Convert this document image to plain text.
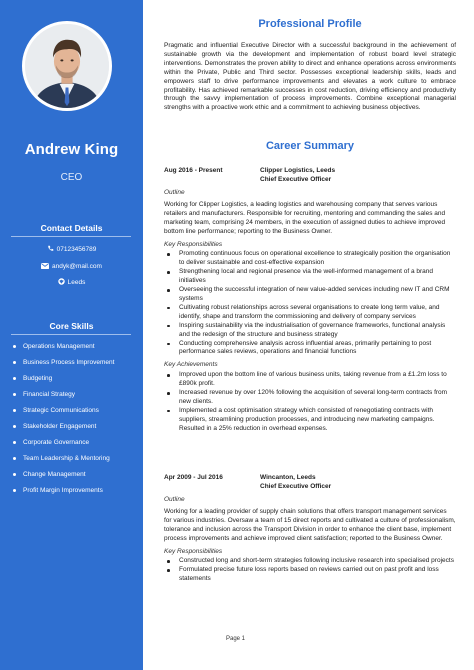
Andrew King
CEO
Contact Details
07123456789
andyk@mail.com
Leeds
Core Skills
Operations Management
Business Process Improvement
Budgeting
Financial Strategy
Strategic Communications
Stakeholder Engagement
Corporate Governance
Team Leadership & Mentoring
Change Management
Profit Margin Improvements
Professional Profile

Pragmatic and influential Executive Director with a successful background in the achievement of sustainable growth via the development and implementation of robust board level strategic interventions. Demonstrates the proven ability to direct and enhance operations across environments within the Private, Public and Third sector. Possesses exceptional leadership skills, leads and empowers staff to drive performance improvements and elevates a work culture to embrace profitability. Has achieved remarkable successes in cost reduction, driving efficiency and productivity through the savvy implementation of process improvements. Combine exceptional managerial strengths with a proactive work ethic and a commitment to achieving business objectives.

Career Summary
Aug 2016 - Present	Clipper Logistics, Leeds
Chief Executive Officer
Outline

Working for Clipper Logistics, a leading logistics and warehousing company that serves various retailers and manufacturers. Responsible for recruiting, mentoring and commanding the sales and marketing team, comprising 24 members, in the execution of assigned duties to achieve improved bottom line performance; reporting to the Business Owner.

Key Responsibilities
Promoting continuous focus on operational excellence to strategically position the organisation to deliver sustainable and cost-effective expansion
Strengthening local and regional presence via the well-informed management of a brand initiatives
Overseeing the successful integration of new value-added services including new IT and CRM systems
Cultivating robust relationships across several organisations to create long term value, and identify, shape and transform the commissioning and delivery of company services
Inspiring sustainability via the industrialisation of governance frameworks, functional analysis and the redesign of the structure and business strategy
Conducting comprehensive analysis across influential areas, primarily pertaining to post performance sales reviews, operations and financial functions
Key Achievements
Improved upon the bottom line of various business units, taking revenue from a £1.2m loss to £890k profit.
Increased revenue by over 120% following the acquisition of several long-term contracts from new clients.
Implemented a cost optimisation strategy which consisted of renegotiating contracts with suppliers, streamlining production processes, and introducing new marketing campaigns. Resulted in a 25% reduction in overhead expenses.
Apr 2009 - Jul 2016	Wincanton, Leeds
Chief Executive Officer
Outline

Working for a leading provider of supply chain solutions that offers transport management services for various industries. Oversaw a team of 15 direct reports and cultivated a culture of professionalism, tolerance and inclusion across the Transport Division in order to enhance the client base, implement process improvements and achieve improved client satisfaction; reported to the Business Owner.

Key Responsibilities
Constructed long and short-term strategies following inclusive research into specialised projects
Formulated precise future loss reports based on reviews carried out on past profit and loss statements
Page 1
